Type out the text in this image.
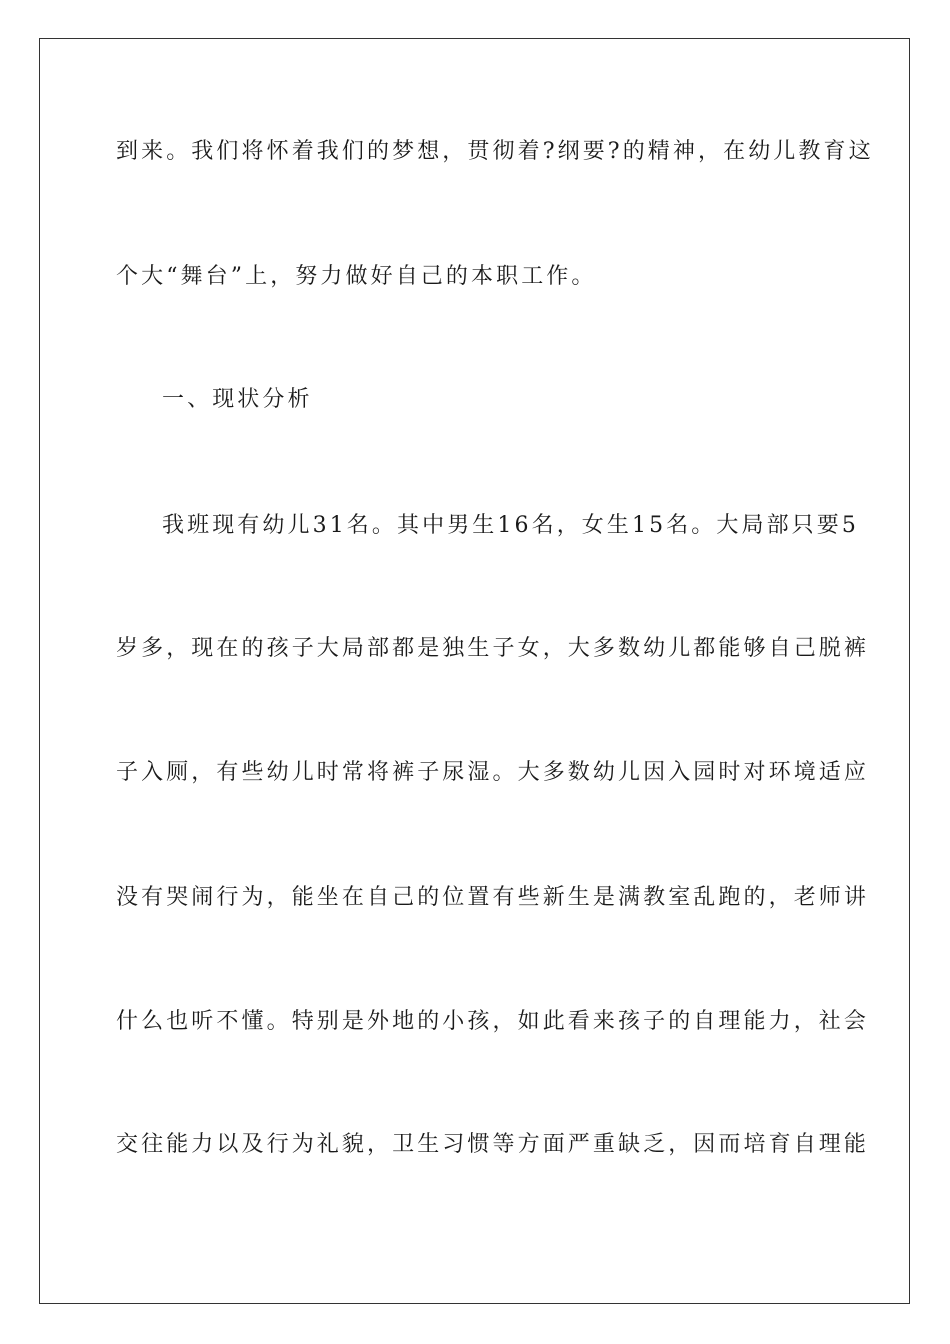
到来。我们将怀着我们的梦想，贯彻着?纲要?的精神，在幼儿教育这
个大“舞台”上，努力做好自己的本职工作。
一、现状分析
我班现有幼儿31名。其中男生16名，女生15名。大局部只要5
岁多，现在的孩子大局部都是独生子女，大多数幼儿都能够自己脱裤
子入厕，有些幼儿时常将裤子尿湿。大多数幼儿因入园时对环境适应
没有哭闹行为，能坐在自己的位置有些新生是满教室乱跑的，老师讲
什么也听不懂。特别是外地的小孩，如此看来孩子的自理能力，社会
交往能力以及行为礼貌，卫生习惯等方面严重缺乏，因而培育自理能
